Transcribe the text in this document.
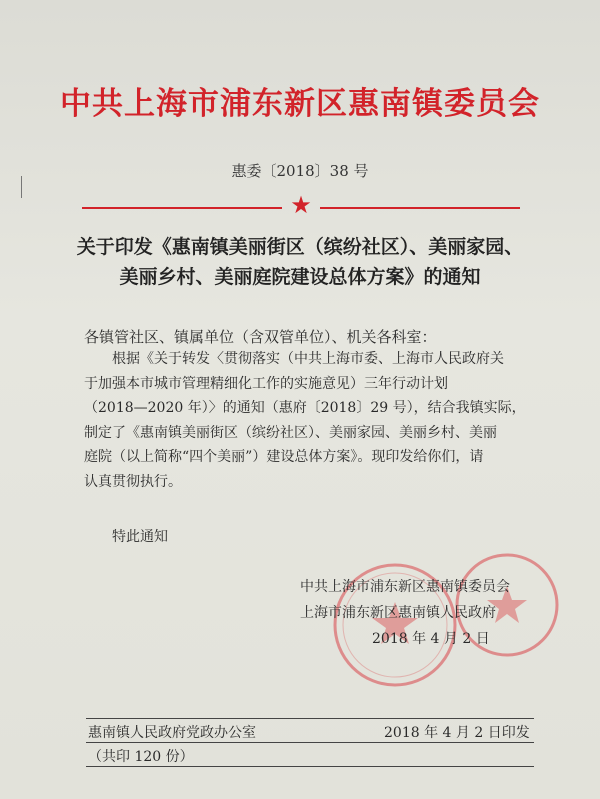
中共上海市浦东新区惠南镇委员会
惠委〔2018〕38 号
★
关于印发《惠南镇美丽街区（缤纷社区）、美丽家园、
美丽乡村、美丽庭院建设总体方案》的通知
各镇管社区、镇属单位（含双管单位）、机关各科室：
根据《关于转发〈贯彻落实（中共上海市委、上海市人民政府关
于加强本市城市管理精细化工作的实施意见）三年行动计划
（2018—2020 年）〉的通知（惠府〔2018〕29 号），结合我镇实际，
制定了《惠南镇美丽街区（缤纷社区）、美丽家园、美丽乡村、美丽
庭院（以上简称“四个美丽”）建设总体方案》。现印发给你们，请
认真贯彻执行。
特此通知
中共上海市浦东新区惠南镇委员会
上海市浦东新区惠南镇人民政府
2018 年 4 月 2 日
惠南镇人民政府党政办公室	2018 年 4 月 2 日印发
（共印 120 份）
